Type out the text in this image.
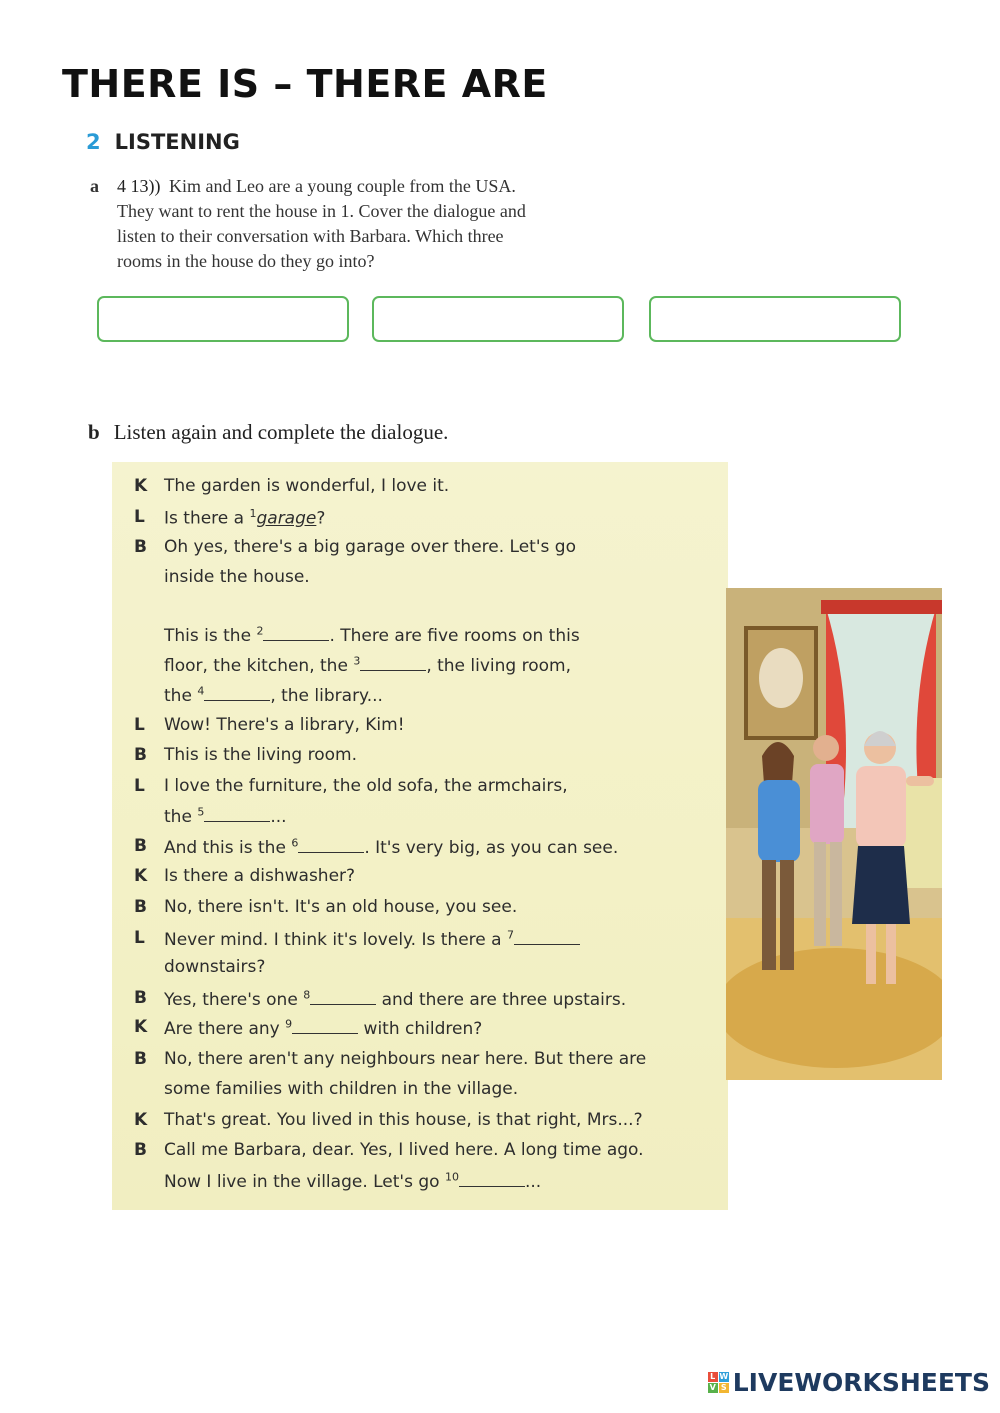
THERE IS – THERE ARE
2 LISTENING
a 4 13)) Kim and Leo are a young couple from the USA.
They want to rent the house in 1. Cover the dialogue and
listen to their conversation with Barbara. Which three
rooms in the house do they go into?
b Listen again and complete the dialogue.
K The garden is wonderful, I love it.
L Is there a $^1$garage?
B Oh yes, there's a big garage over there. Let's go
inside the house.
This is the $^2$	. There are five rooms on this
floor, the kitchen, the $^3$	, the living room,
the $^4$	, the library...
L Wow! There's a library, Kim!
B This is the living room.
L I love the furniture, the old sofa, the armchairs,
the $^5$	...
B And this is the $^6$	. It's very big, as you can see.
K Is there a dishwasher?
B No, there isn't. It's an old house, you see.
L Never mind. I think it's lovely. Is there a $^7$
downstairs?
B Yes, there's one $^8$	and there are three upstairs.
K Are there any $^9$	with children?
B No, there aren't any neighbours near here. But there are
some families with children in the village.
K That's great. You lived in this house, is that right, Mrs...?
B Call me Barbara, dear. Yes, I lived here. A long time ago.
Now I live in the village. Let's go $^{10}$	...
L W
V S LIVEWORKSHEETS
